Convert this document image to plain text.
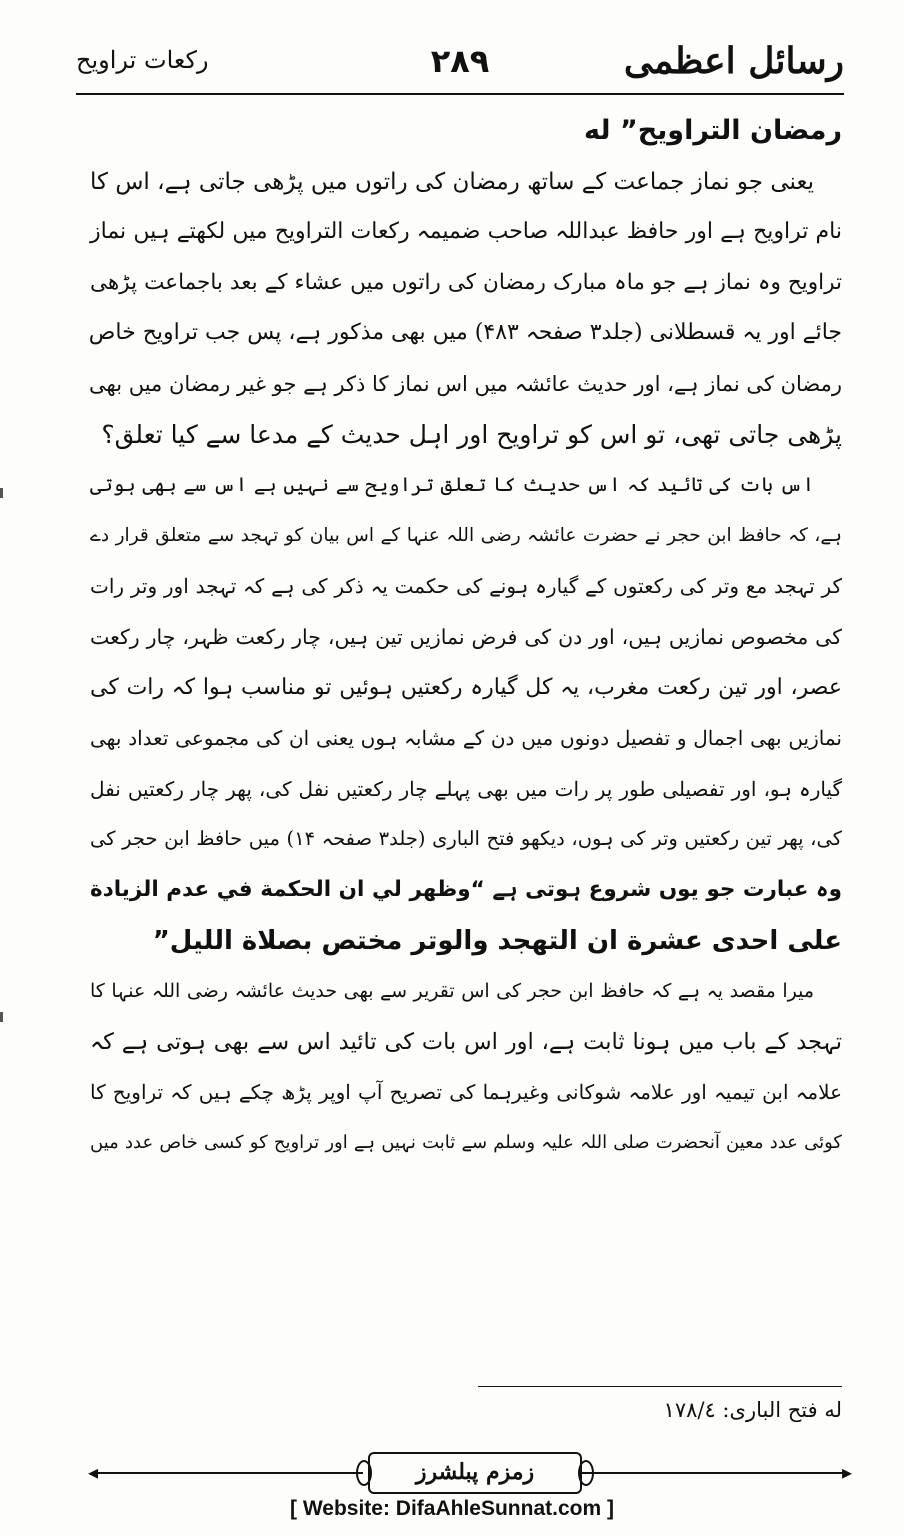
رسائل اعظمی
۲۸۹
رکعات تراویح
رمضان التراویح”‏ له
یعنی جو نماز جماعت کے ساتھ رمضان کی راتوں میں پڑھی جاتی ہے، اس کا
نام تراویح ہے اور حافظ عبداللہ صاحب ضمیمہ رکعات التراویح میں لکھتے ہیں نماز
تراویح وہ نماز ہے جو ماہ مبارک رمضان کی راتوں میں عشاء کے بعد باجماعت پڑھی
جائے اور یہ قسطلانی (جلد۳ صفحہ ۴۸۳) میں بھی مذکور ہے، پس جب تراویح خاص
رمضان کی نماز ہے، اور حدیث عائشہ میں اس نماز کا ذکر ہے جو غیر رمضان میں بھی
پڑھی جاتی تھی، تو اس کو تراویح اور اہل حدیث کے مدعا سے کیا تعلق؟
اس بات کی تائید کہ اس حدیث کا تعلق تراویح سے نہیں ہے اس سے بھی ہوتی
ہے، کہ حافظ ابن حجر نے حضرت عائشہ رضی اللہ عنہا کے اس بیان کو تہجد سے متعلق قرار دے
کر تہجد مع وتر کی رکعتوں کے گیارہ ہونے کی حکمت یہ ذکر کی ہے کہ تہجد اور وتر رات
کی مخصوص نمازیں ہیں، اور دن کی فرض نمازیں تین ہیں، چار رکعت ظہر، چار رکعت
عصر، اور تین رکعت مغرب، یہ کل گیارہ رکعتیں ہوئیں تو مناسب ہوا کہ رات کی
نمازیں بھی اجمال و تفصیل دونوں میں دن کے مشابہ ہوں یعنی ان کی مجموعی تعداد بھی
گیارہ ہو، اور تفصیلی طور پر رات میں بھی پہلے چار رکعتیں نفل کی، پھر چار رکعتیں نفل
کی، پھر تین رکعتیں وتر کی ہوں، دیکھو فتح الباری (جلد۳ صفحہ ۱۴) میں حافظ ابن حجر کی
وہ عبارت جو یوں شروع ہوتی ہے “وظهر لي ان الحكمة في عدم الزيادة
على احدى عشرة ان التهجد والوتر مختص بصلاة الليل”
میرا مقصد یہ ہے کہ حافظ ابن حجر کی اس تقریر سے بھی حدیث عائشہ رضی اللہ عنہا کا
تہجد کے باب میں ہونا ثابت ہے، اور اس بات کی تائید اس سے بھی ہوتی ہے کہ
علامہ ابن تیمیہ اور علامہ شوکانی وغیرہما کی تصریح آپ اوپر پڑھ چکے ہیں کہ تراویح کا
کوئی عدد معین آنحضرت صلی اللہ علیہ وسلم سے ثابت نہیں ہے اور تراویح کو کسی خاص عدد میں
له فتح الباری: ۱۷۸/٤
◂	▸
زمزم پبلشرز
[ Website: DifaAhleSunnat.com ]
